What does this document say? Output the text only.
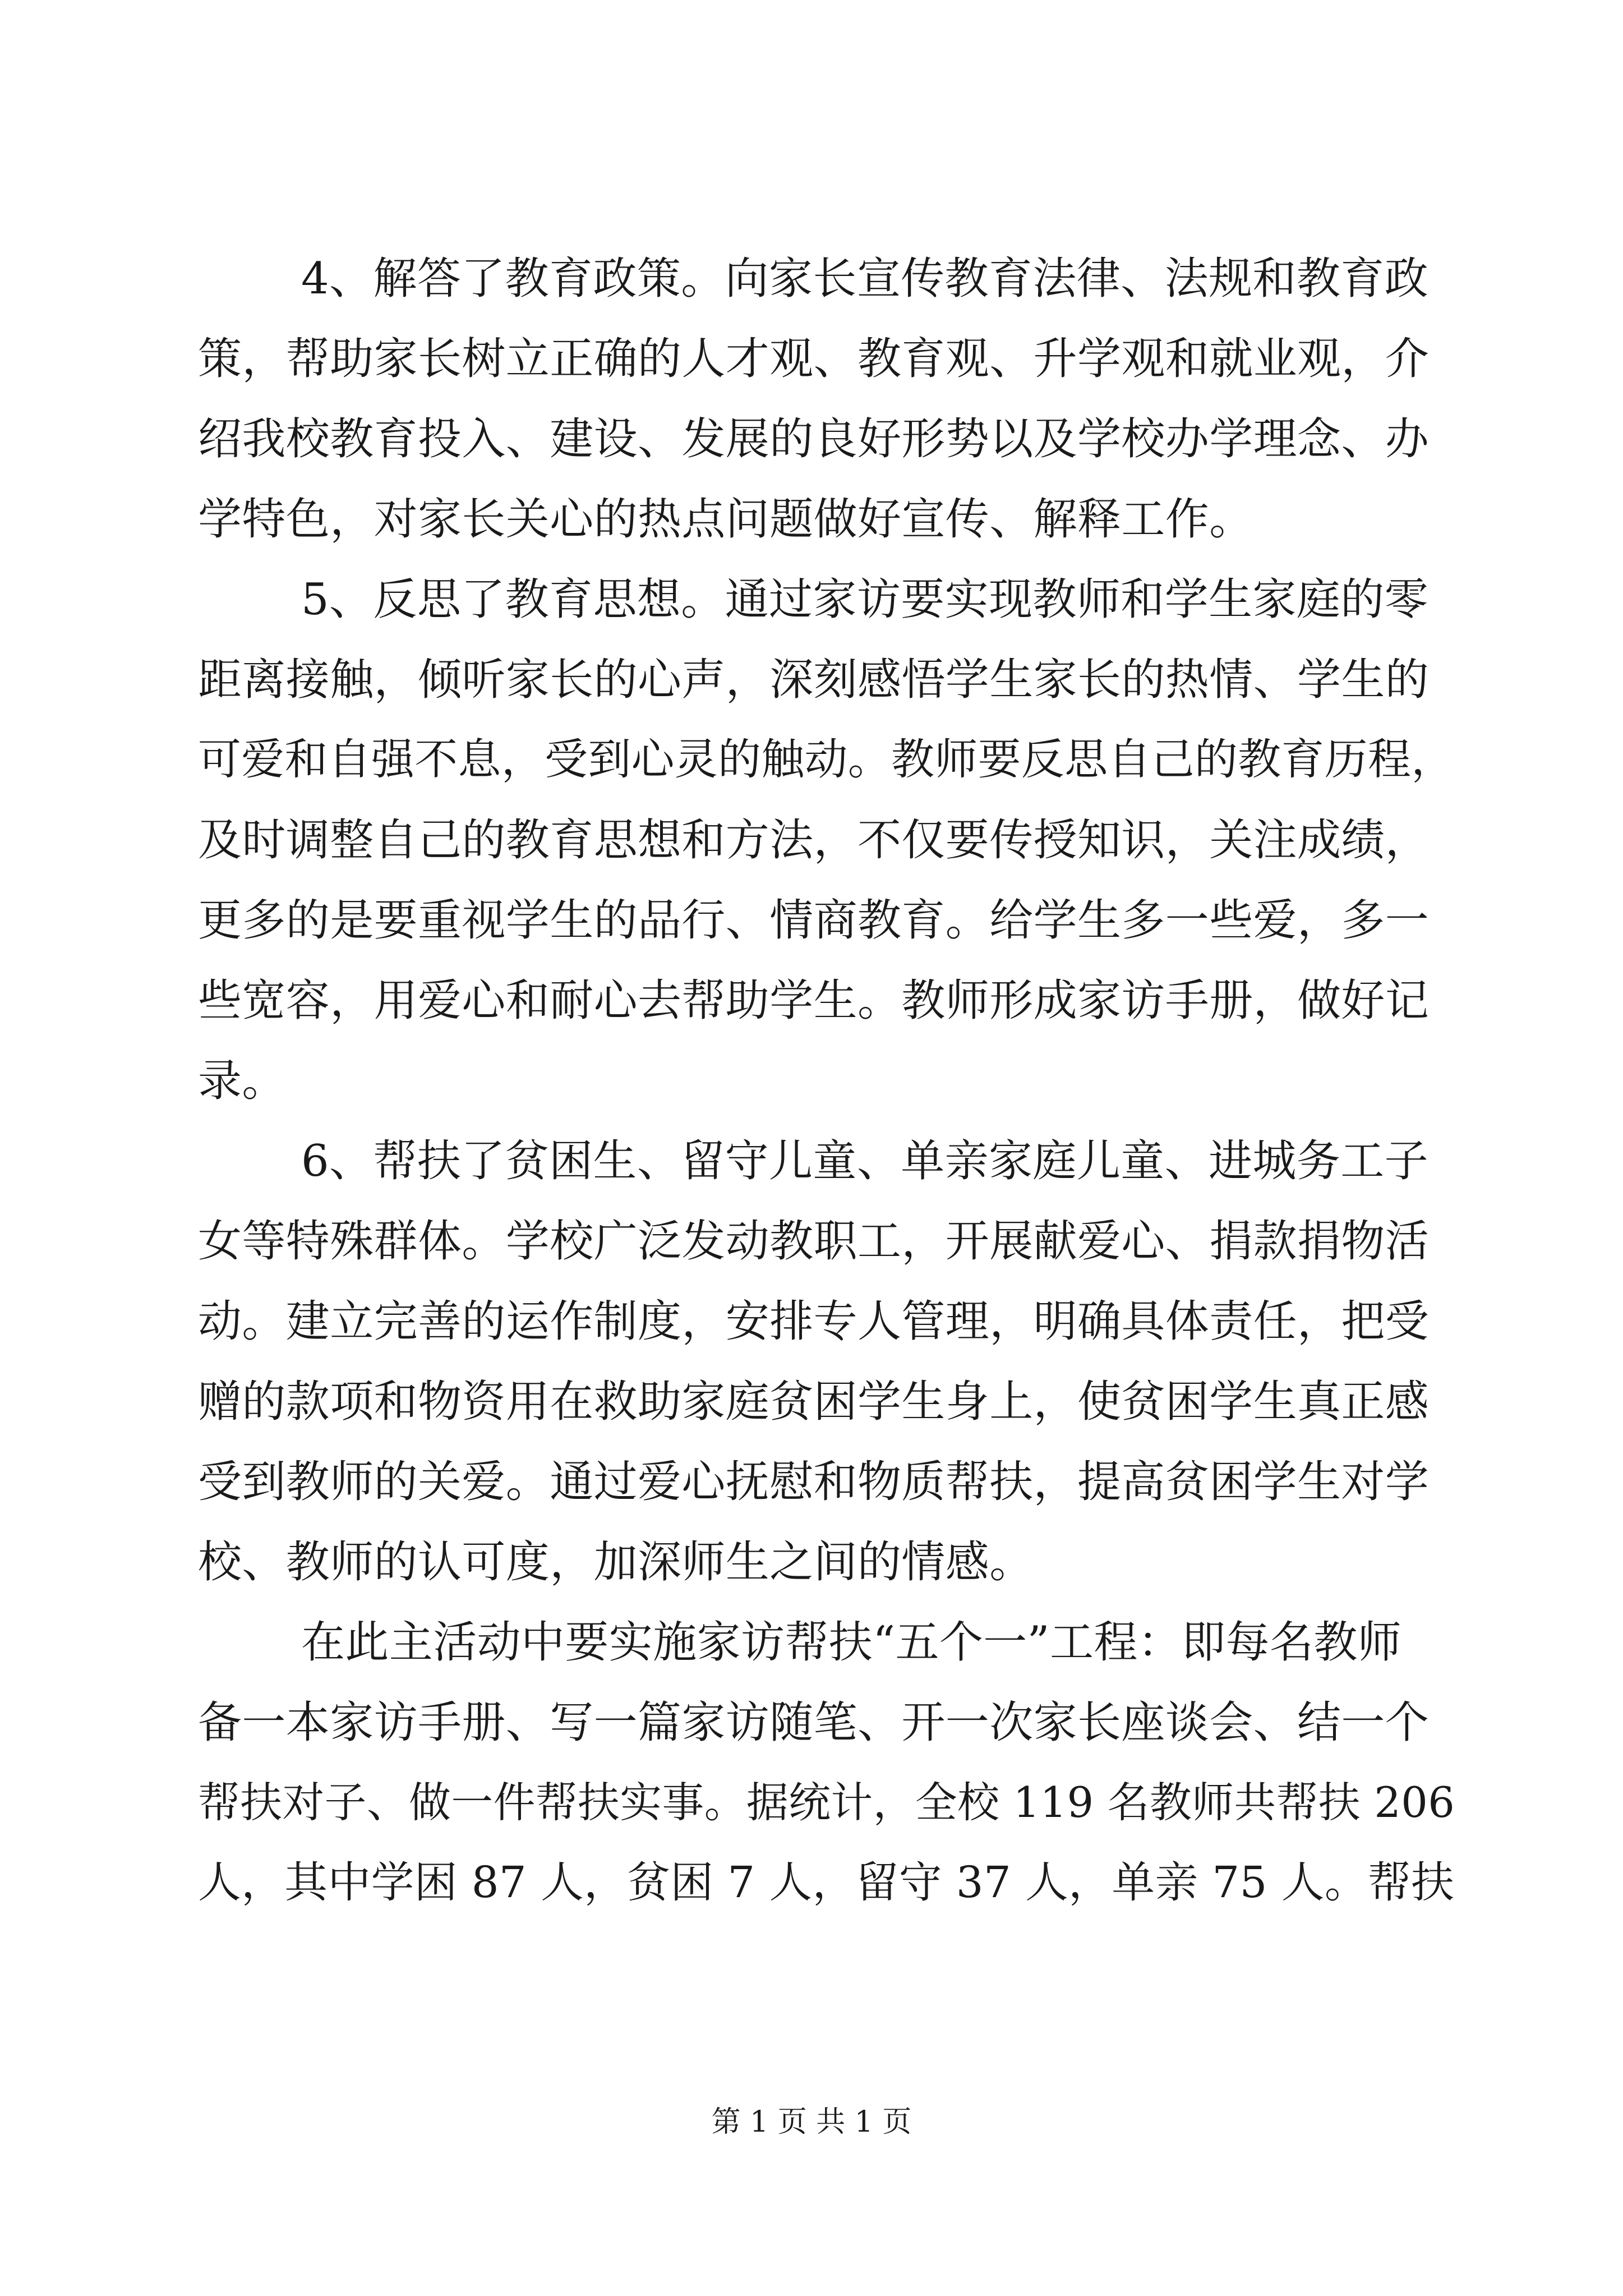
4、解答了教育政策。向家长宣传教育法律、法规和教育政
策，帮助家长树立正确的人才观、教育观、升学观和就业观，介
绍我校教育投入、建设、发展的良好形势以及学校办学理念、办
学特色，对家长关心的热点问题做好宣传、解释工作。
5、反思了教育思想。通过家访要实现教师和学生家庭的零
距离接触，倾听家长的心声，深刻感悟学生家长的热情、学生的
可爱和自强不息，受到心灵的触动。教师要反思自己的教育历程，
及时调整自己的教育思想和方法，不仅要传授知识，关注成绩，
更多的是要重视学生的品行、情商教育。给学生多一些爱，多一
些宽容，用爱心和耐心去帮助学生。教师形成家访手册，做好记
录。
6、帮扶了贫困生、留守儿童、单亲家庭儿童、进城务工子
女等特殊群体。学校广泛发动教职工，开展献爱心、捐款捐物活
动。建立完善的运作制度，安排专人管理，明确具体责任，把受
赠的款项和物资用在救助家庭贫困学生身上，使贫困学生真正感
受到教师的关爱。通过爱心抚慰和物质帮扶，提高贫困学生对学
校、教师的认可度，加深师生之间的情感。
在此主活动中要实施家访帮扶“五个一”工程：即每名教师
备一本家访手册、写一篇家访随笔、开一次家长座谈会、结一个
帮扶对子、做一件帮扶实事。据统计，全校 119 名教师共帮扶 206
人，其中学困 87 人，贫困 7 人，留守 37 人，单亲 75 人。帮扶
第 1 页 共 1 页
